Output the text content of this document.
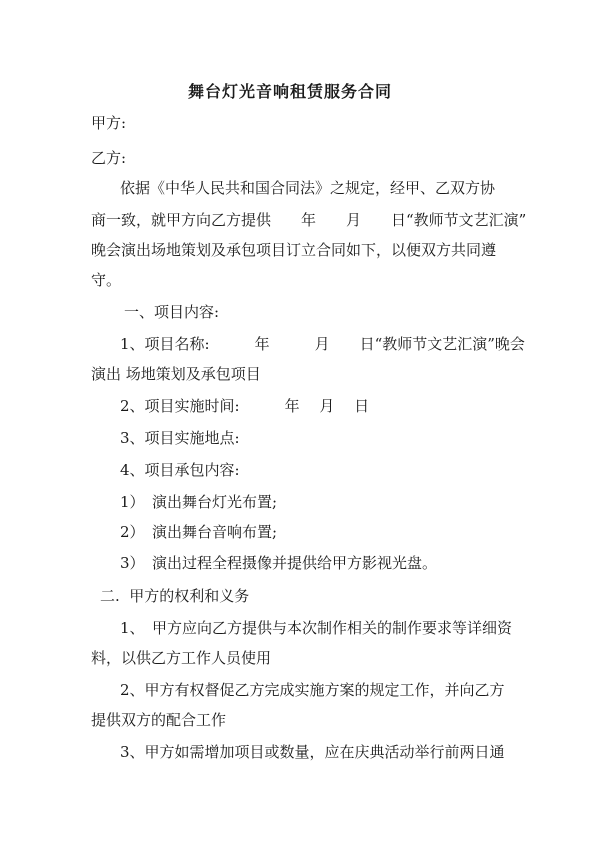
舞台灯光音响租赁服务合同
甲方:
乙方:
依据《中华人民共和国合同法》之规定，经甲、乙双方协
商一致，就甲方向乙方提供　　年　　月　　日“教师节文艺汇演”
晚会演出场地策划及承包项目订立合同如下，以便双方共同遵
守。
一、项目内容:
1、项目名称:　　　年　　　月　　日“教师节文艺汇演”晚会
演出 场地策划及承包项目
2、项目实施时间:　　　年　 月　 日
3、项目实施地点:
4、项目承包内容:
1）　演出舞台灯光布置;
2）　演出舞台音响布置;
3）　演出过程全程摄像并提供给甲方影视光盘。
二.  甲方的权利和义务
1、　甲方应向乙方提供与本次制作相关的制作要求等详细资
料，以供乙方工作人员使用
2、甲方有权督促乙方完成实施方案的规定工作，并向乙方
提供双方的配合工作
3、甲方如需增加项目或数量，应在庆典活动举行前两日通
